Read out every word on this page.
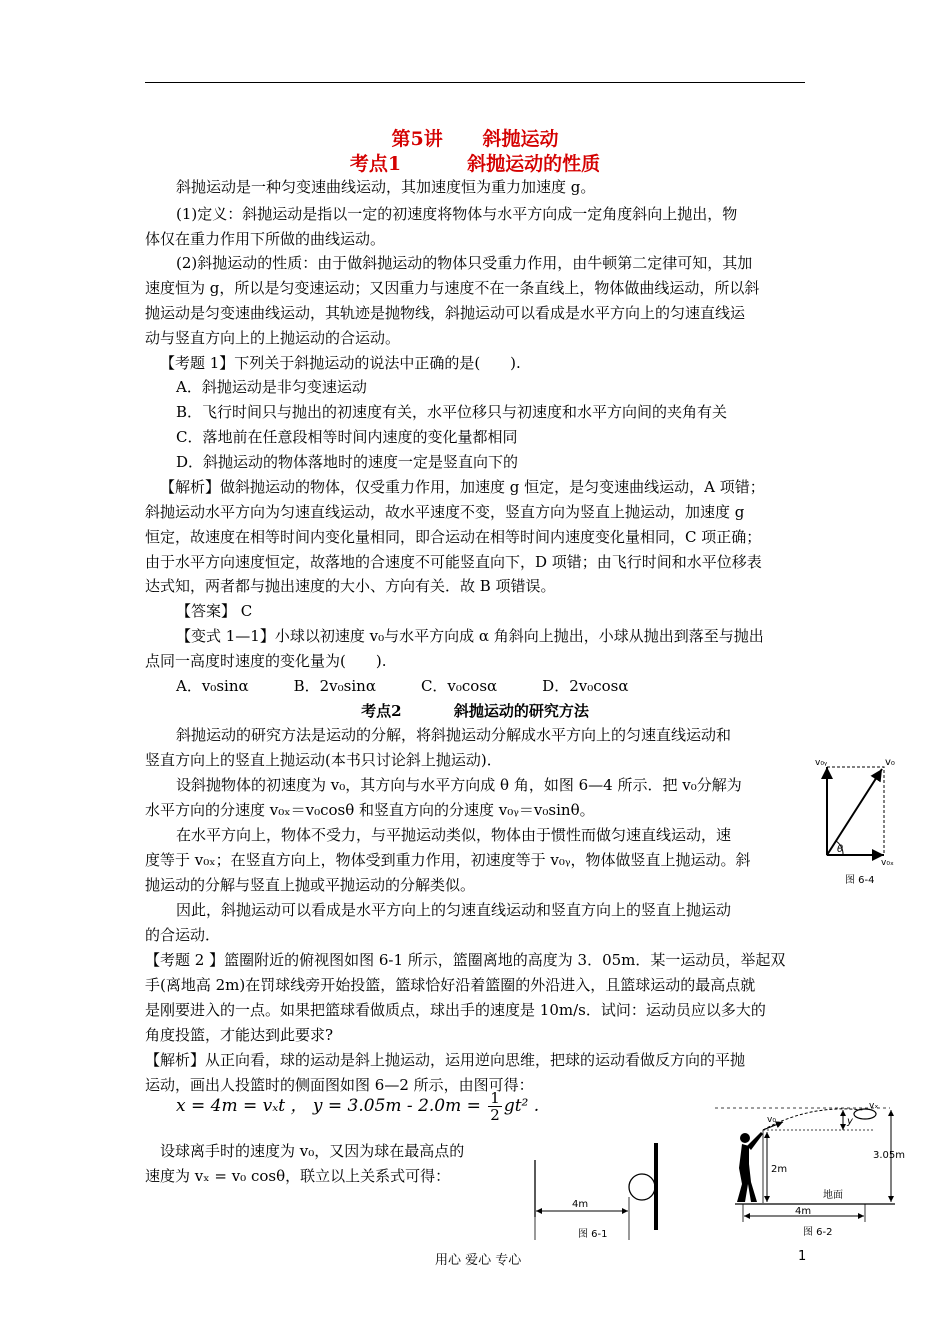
第5讲      斜抛运动
考点1          斜抛运动的性质
斜抛运动是一种匀变速曲线运动，其加速度恒为重力加速度 g。
(1)定义：斜抛运动是指以一定的初速度将物体与水平方向成一定角度斜向上抛出，物
体仅在重力作用下所做的曲线运动。
(2)斜抛运动的性质：由于做斜抛运动的物体只受重力作用，由牛顿第二定律可知，其加
速度恒为 g，所以是匀变速运动；又因重力与速度不在一条直线上，物体做曲线运动，所以斜
抛运动是匀变速曲线运动，其轨迹是抛物线，斜抛运动可以看成是水平方向上的匀速直线运
动与竖直方向上的上抛运动的合运动。
【考题 1】下列关于斜抛运动的说法中正确的是(　　).
A．斜抛运动是非匀变速运动
B．飞行时间只与抛出的初速度有关，水平位移只与初速度和水平方向间的夹角有关
C．落地前在任意段相等时间内速度的变化量都相同
D．斜抛运动的物体落地时的速度一定是竖直向下的
【解析】做斜抛运动的物体，仅受重力作用，加速度 g 恒定，是匀变速曲线运动，A 项错；
斜抛运动水平方向为匀速直线运动，故水平速度不变，竖直方向为竖直上抛运动，加速度 g
恒定，故速度在相等时间内变化量相同，即合运动在相等时间内速度变化量相同，C 项正确；
由于水平方向速度恒定，故落地的合速度不可能竖直向下，D 项错；由飞行时间和水平位移表
达式知，两者都与抛出速度的大小、方向有关．故 B 项错误。
【答案】 C
【变式 1—1】小球以初速度 v₀与水平方向成 α 角斜向上抛出，小球从抛出到落至与抛出
点同一高度时速度的变化量为(　　).
A．v₀sinα　　　B．2v₀sinα　　　C．v₀cosα　　　D．2v₀cosα
考点2          斜抛运动的研究方法
斜抛运动的研究方法是运动的分解，将斜抛运动分解成水平方向上的匀速直线运动和
竖直方向上的竖直上抛运动(本书只讨论斜上抛运动)．
设斜抛物体的初速度为 v₀，其方向与水平方向成 θ 角，如图 6—4 所示．把 v₀分解为
水平方向的分速度 v₀ₓ＝v₀cosθ 和竖直方向的分速度 v₀ᵧ＝v₀sinθ。
在水平方向上，物体不受力，与平抛运动类似，物体由于惯性而做匀速直线运动，速
度等于 v₀ₓ；在竖直方向上，物体受到重力作用，初速度等于 v₀ᵧ，物体做竖直上抛运动。斜
抛运动的分解与竖直上抛或平抛运动的分解类似。
因此，斜抛运动可以看成是水平方向上的匀速直线运动和竖直方向上的竖直上抛运动
的合运动．
【考题 2 】篮圈附近的俯视图如图 6-1 所示，篮圈离地的高度为 3．05m．某一运动员，举起双
手(离地高 2m)在罚球线旁开始投篮，篮球恰好沿着篮圈的外沿进入，且篮球运动的最高点就
是刚要进入的一点。如果把篮球看做质点，球出手的速度是 10m/s．试问：运动员应以多大的
角度投篮，才能达到此要求?
【解析】从正向看，球的运动是斜上抛运动，运用逆向思维，把球的运动看做反方向的平抛
运动，画出人投篮时的侧面图如图 6—2 所示，由图可得：
x = 4m = vₓt ， $y = 3.05m - 2.0m = \frac{1}{2} gt^2$ .
设球离手时的速度为 v₀，又因为球在最高点的
速度为 vₓ = v₀ cosθ，联立以上关系式可得：
v₀ᵧ	v₀
θ
v₀ₓ
图 6-4
4m
图 6-1
v₀
vₓ
y
2m
3.05m
地面
4m
图 6-2
用心 爱心 专心	1
